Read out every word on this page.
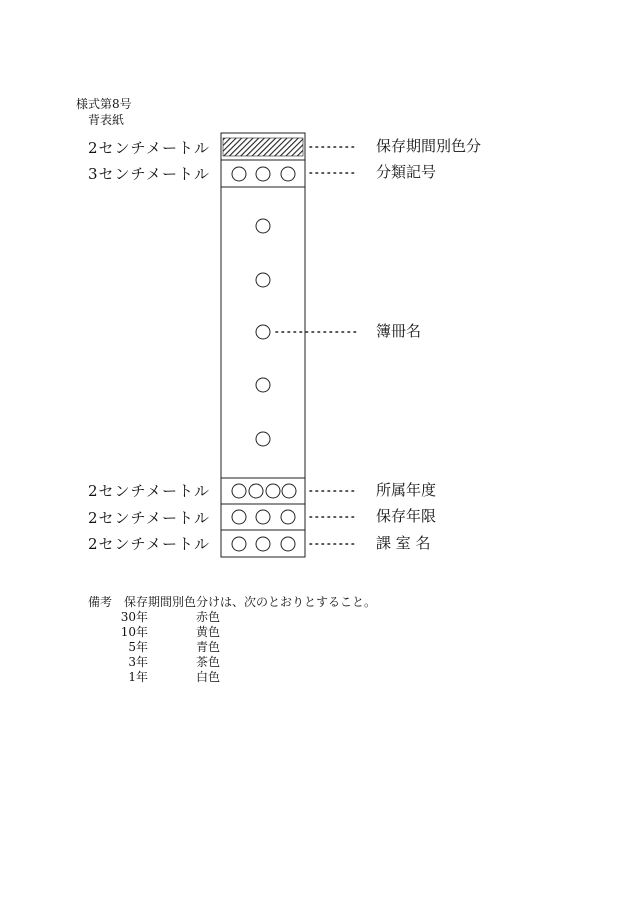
様式第8号
背表紙
2センチメートル
3センチメートル
2センチメートル
2センチメートル
2センチメートル
保存期間別色分
分類記号
簿冊名
所属年度
保存年限
課 室 名
備考 保存期間別色分けは、次のとおりとすること。
30年	赤色
10年	黄色
5年	青色
3年	茶色
1年	白色
